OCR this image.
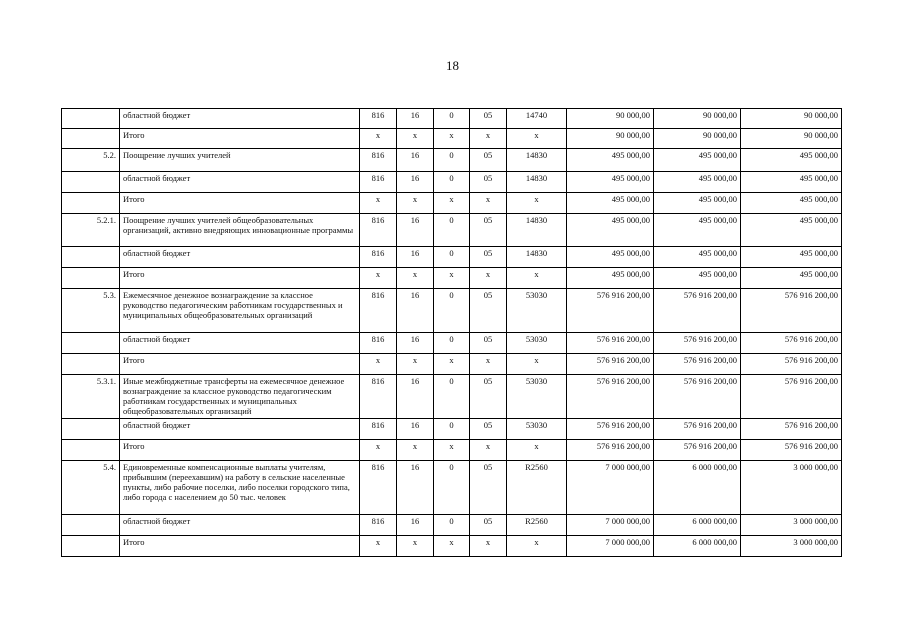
18
	областной бюджет	816	16	0	05	14740	90 000,00	90 000,00	90 000,00
	Итого	x	x	x	x	x	90 000,00	90 000,00	90 000,00
5.2.	Поощрение лучших учителей	816	16	0	05	14830	495 000,00	495 000,00	495 000,00
	областной бюджет	816	16	0	05	14830	495 000,00	495 000,00	495 000,00
	Итого	x	x	x	x	x	495 000,00	495 000,00	495 000,00
5.2.1.	Поощрение лучших учителей общеобразовательных организаций, активно внедряющих инновационные программы	816	16	0	05	14830	495 000,00	495 000,00	495 000,00
	областной бюджет	816	16	0	05	14830	495 000,00	495 000,00	495 000,00
	Итого	x	x	x	x	x	495 000,00	495 000,00	495 000,00
5.3.	Ежемесячное денежное вознаграждение за классное руководство педагогическим работникам государственных и муниципальных общеобразовательных организаций	816	16	0	05	53030	576 916 200,00	576 916 200,00	576 916 200,00
	областной бюджет	816	16	0	05	53030	576 916 200,00	576 916 200,00	576 916 200,00
	Итого	x	x	x	x	x	576 916 200,00	576 916 200,00	576 916 200,00
5.3.1.	Иные межбюджетные трансферты на ежемесячное денежное вознаграждение за классное руководство педагогическим работникам государственных и муниципальных общеобразовательных организаций	816	16	0	05	53030	576 916 200,00	576 916 200,00	576 916 200,00
	областной бюджет	816	16	0	05	53030	576 916 200,00	576 916 200,00	576 916 200,00
	Итого	x	x	x	x	x	576 916 200,00	576 916 200,00	576 916 200,00
5.4.	Единовременные компенсационные выплаты учителям, прибывшим (переехавшим) на работу в сельские населенные пункты, либо рабочие поселки, либо поселки городского типа, либо города с населением до 50 тыс. человек	816	16	0	05	R2560	7 000 000,00	6 000 000,00	3 000 000,00
	областной бюджет	816	16	0	05	R2560	7 000 000,00	6 000 000,00	3 000 000,00
	Итого	x	x	x	x	x	7 000 000,00	6 000 000,00	3 000 000,00
